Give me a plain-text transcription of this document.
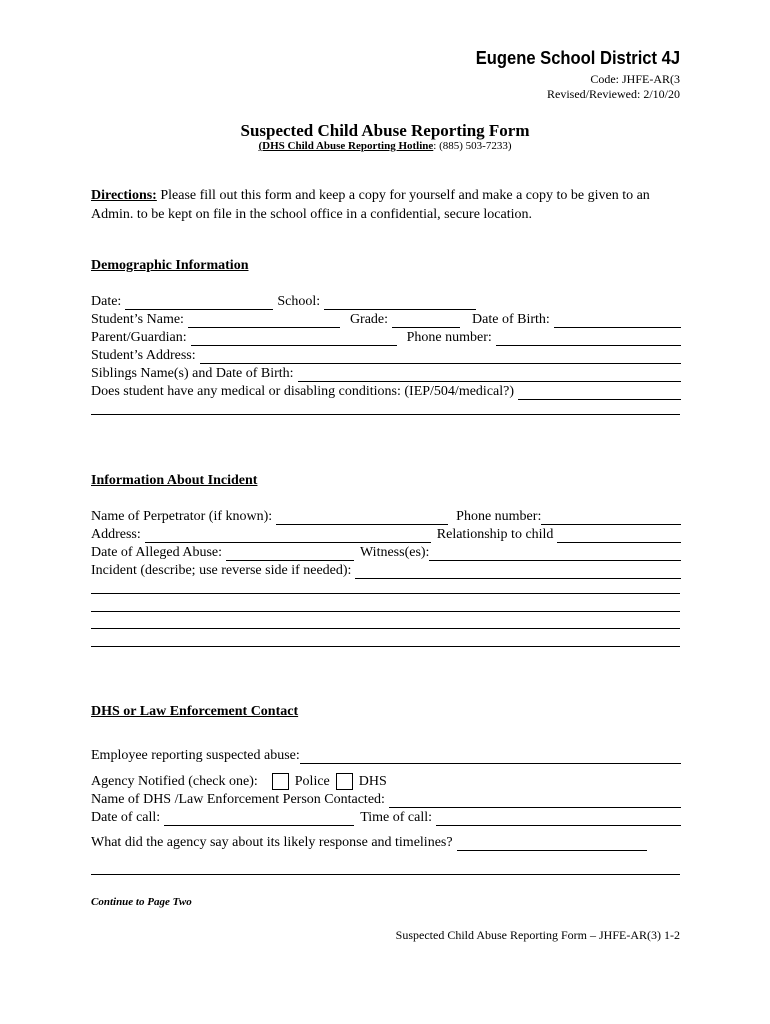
Eugene School District 4J
Code: JHFE-AR(3
Revised/Reviewed: 2/10/20
Suspected Child Abuse Reporting Form
(DHS Child Abuse Reporting Hotline: (885) 503-7233)
Directions: Please fill out this form and keep a copy for yourself and make a copy to be given to an Admin. to be kept on file in the school office in a confidential, secure location.
Demographic Information
Date:	School:
Student’s Name:	Grade:	Date of Birth:
Parent/Guardian:	Phone number:
Student’s Address:
Siblings Name(s) and Date of Birth:
Does student have any medical or disabling conditions: (IEP/504/medical?)
Information About Incident
Name of Perpetrator (if known):	Phone number:
Address:	Relationship to child
Date of Alleged Abuse:	Witness(es):
Incident (describe; use reverse side if needed):
DHS or Law Enforcement Contact
Employee reporting suspected abuse:
Agency Notified (check one):	Police DHS
Name of DHS /Law Enforcement Person Contacted:
Date of call:	Time of call:
What did the agency say about its likely response and timelines?
Continue to Page Two
Suspected Child Abuse Reporting Form – JHFE-AR(3) 1-2
